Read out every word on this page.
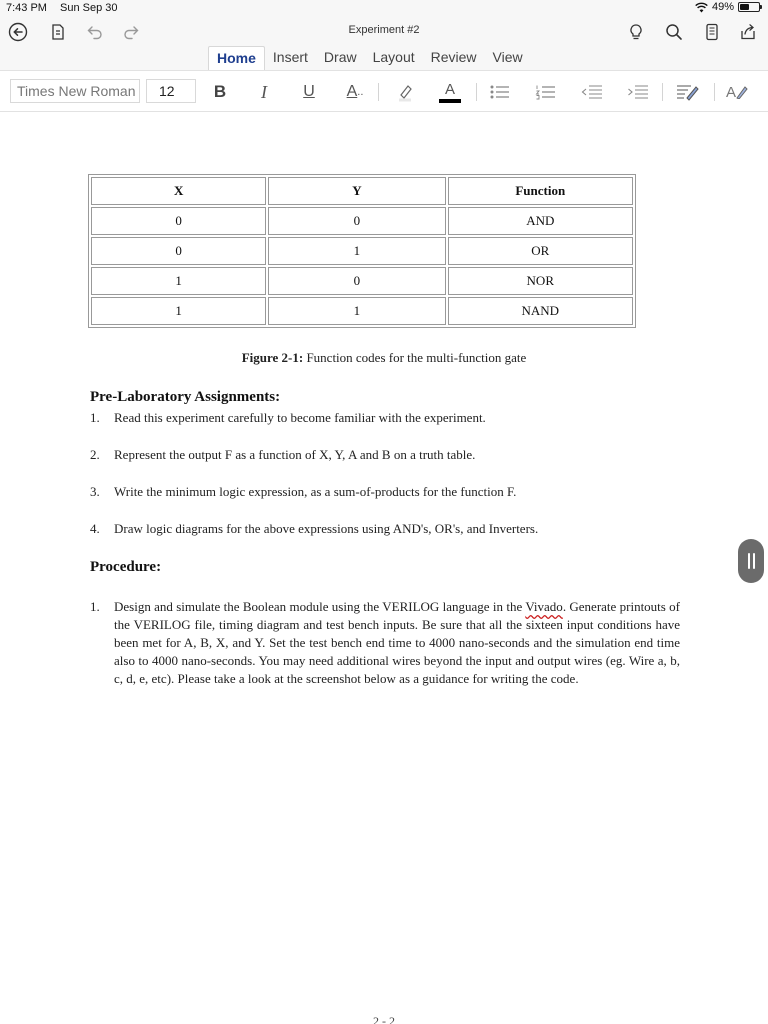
7:43 PM Sun Sep 30	49%
Experiment #2
Home	Insert	Draw	Layout	Review	View
Times New Roman	12	B	I	U	A ..	A	A
X	Y	Function
0	0	AND
0	1	OR
1	0	NOR
1	1	NAND
Figure 2-1: Function codes for the multi-function gate
Pre-Laboratory Assignments:
1. Read this experiment carefully to become familiar with the experiment.
2. Represent the output F as a function of X, Y, A and B on a truth table.
3. Write the minimum logic expression, as a sum-of-products for the function F.
4. Draw logic diagrams for the above expressions using AND's, OR's, and Inverters.
Procedure:
1. Design and simulate the Boolean module using the VERILOG language in the Vivado. Generate printouts of the VERILOG file, timing diagram and test bench inputs. Be sure that all the sixteen input conditions have been met for A, B, X, and Y. Set the test bench end time to 4000 nano-seconds and the simulation end time also to 4000 nano-seconds. You may need additional wires beyond the input and output wires (eg. Wire a, b, c, d, e, etc). Please take a look at the screenshot below as a guidance for writing the code.
2 - 2
